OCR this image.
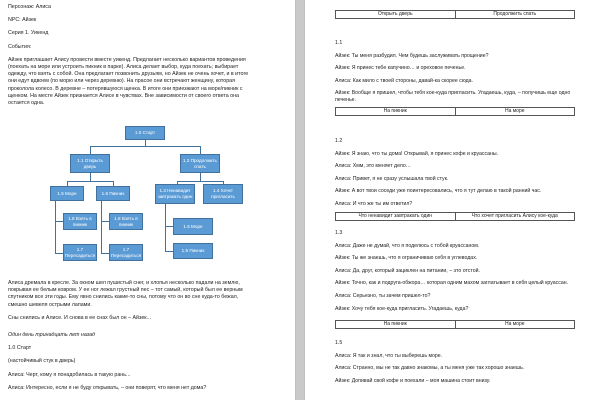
Персонаж: Алиса

NPC: Айзек

Серия 1. Уикенд

События:

Айзек приглашает Алису провести вместе уикенд. Предлагает несколько вариантов проведения

(поехать на море или устроить пикник в парке). Алиса делает выбор, куда поехать; выбирает

одежду, что взять с собой. Она предлагает позвонить друзьям, но Айзек не очень хочет, и в итоге

они едут вдвоем (по морю или через деревню). На прасое они встречают женщину, которая

проколола колесо. В деревне – потерявшуюся щенка. В итоге они приезжают на море/пикник с

щенком. На месте Айзек признается Алисе в чувствах. Вне зависимости от своего ответа она

остается одна.

1.0 Старт
1.1 Открыть дверь
1.2 Продолжить спать
1.5 Море	1.6 Пикник	1.3 Ненавидит завтракать один
1.4 Хочет пригласить
1.8 Взять в пикник
1.8 Взять в пикник	1.5 Море
1.7 Пересадиться
1.7 Пересадиться
1.5 Пикник

Алиса дремала в кресле. За окном шел пушистый снег, и хлопья несколько падали на землю,

покрывая ее белым ковром. У ее ног лежал грустный пес – тот самый, который был ее верным

спутником все эти годы. Ему явно снились какие-то сны, потому что он во сне куда-то бежал,

смешно шевеля острыми лапами.

Сны снились и Алисе. И снова в ее снах был он – Айзек...

Один день тринадцать лет назад

1.0 Старт

(настойчивый стук в дверь)

Алиса: Черт, кому я понадобилась в такую рань...

Алиса: Интересно, если я не буду открывать, – они поверят, что меня нет дома?

Открыть дверь	Продолжить спать

1.1

Айзек: Ты меня разбудил. Чем будешь заслуживать прощение?

Айзек: Я принес тебе капучино… и ореховое печенье.

Алиса: Как мило с твоей стороны, давай-ка скорее сюда.

Айзек: Вообще я пришел, чтобы тебя кое-куда пригласить. Угадаешь, куда, – получишь еще одно печенье.

На пикник	На море

1.2

Айзек: Я знаю, что ты дома! Открывай, я принес кофе и круассаны.

Алиса: Хмм, это меняет дело…

Алиса: Привет, я не сразу услышала твой стук.

Айзек: А вот твои соседи уже поинтересовались, что я тут делаю в такой ранний час.

Алиса: И что же ты им ответил?

Что ненавидит завтракать один	Что хочет пригласить Алису кое-куда

1.3

Алиса: Даже не думай, что я поделюсь с тобой круассаном.

Айзек: Ты же знаешь, что я ограничиваю себя в углеводах.

Алиса: Да, друг, который зациклен на питании, – это отстой.

Айзек: Точно, как и подруга-обжора… которая одним махом заглатывает в себя целый круассан.

Алиса: Серьезно, ты зачем пришел-то?

Айзек: Хочу тебя кое-куда пригласить. Угадаешь, куда?

На пикник	На море

1.5

Алиса: Я так и знал, что ты выберешь море.

Алиса: Странно, мы не так давно знакомы, а ты меня уже так хорошо знаешь.

Айзек: Допивай свой кофе и поехали – моя машина стоит внизу.
